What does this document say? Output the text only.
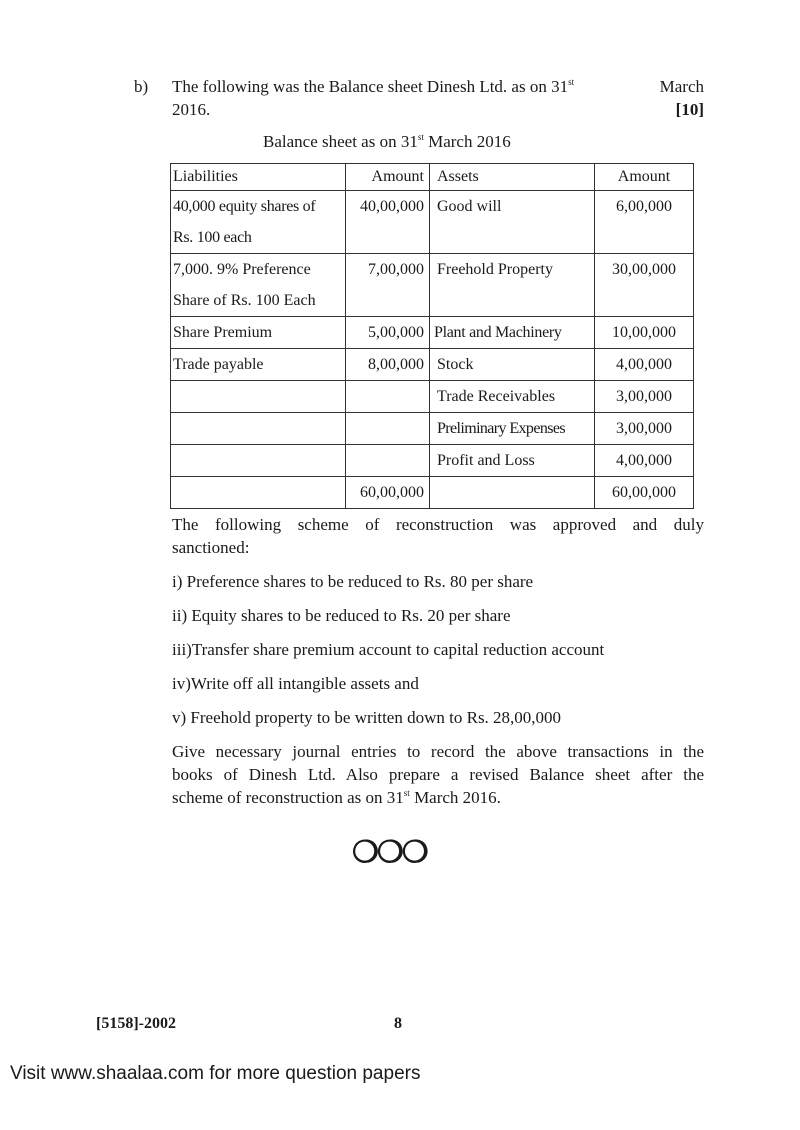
b) The following was the Balance sheet Dinesh Ltd. as on 31st	March
2016.	[10]
Balance sheet as on 31st March 2016
Liabilities	Amount	Assets	Amount

40,000 equity shares of
Rs. 100 each	40,00,000	Good will	6,00,000

7,000. 9% Preference
Share of Rs. 100 Each	7,00,000	Freehold Property	30,00,000
Share Premium	5,00,000	Plant and Machinery	10,00,000
Trade payable	8,00,000	Stock	4,00,000
		Trade Receivables	3,00,000
		Preliminary Expenses	3,00,000
		Profit and Loss	4,00,000
	60,00,000		60,00,000
The following scheme of reconstruction was approved and duly
sanctioned:
i) Preference shares to be reduced to Rs. 80 per share
ii) Equity shares to be reduced to Rs. 20 per share
iii)Transfer share premium account to capital reduction account
iv)Write off all intangible assets and
v) Freehold property to be written down to Rs. 28,00,000
Give necessary journal entries to record the above transactions in the
books of Dinesh Ltd. Also prepare a revised Balance sheet after the
scheme of reconstruction as on 31st March 2016.
❍❍❍
[5158]-2002	8
Visit www.shaalaa.com for more question papers
